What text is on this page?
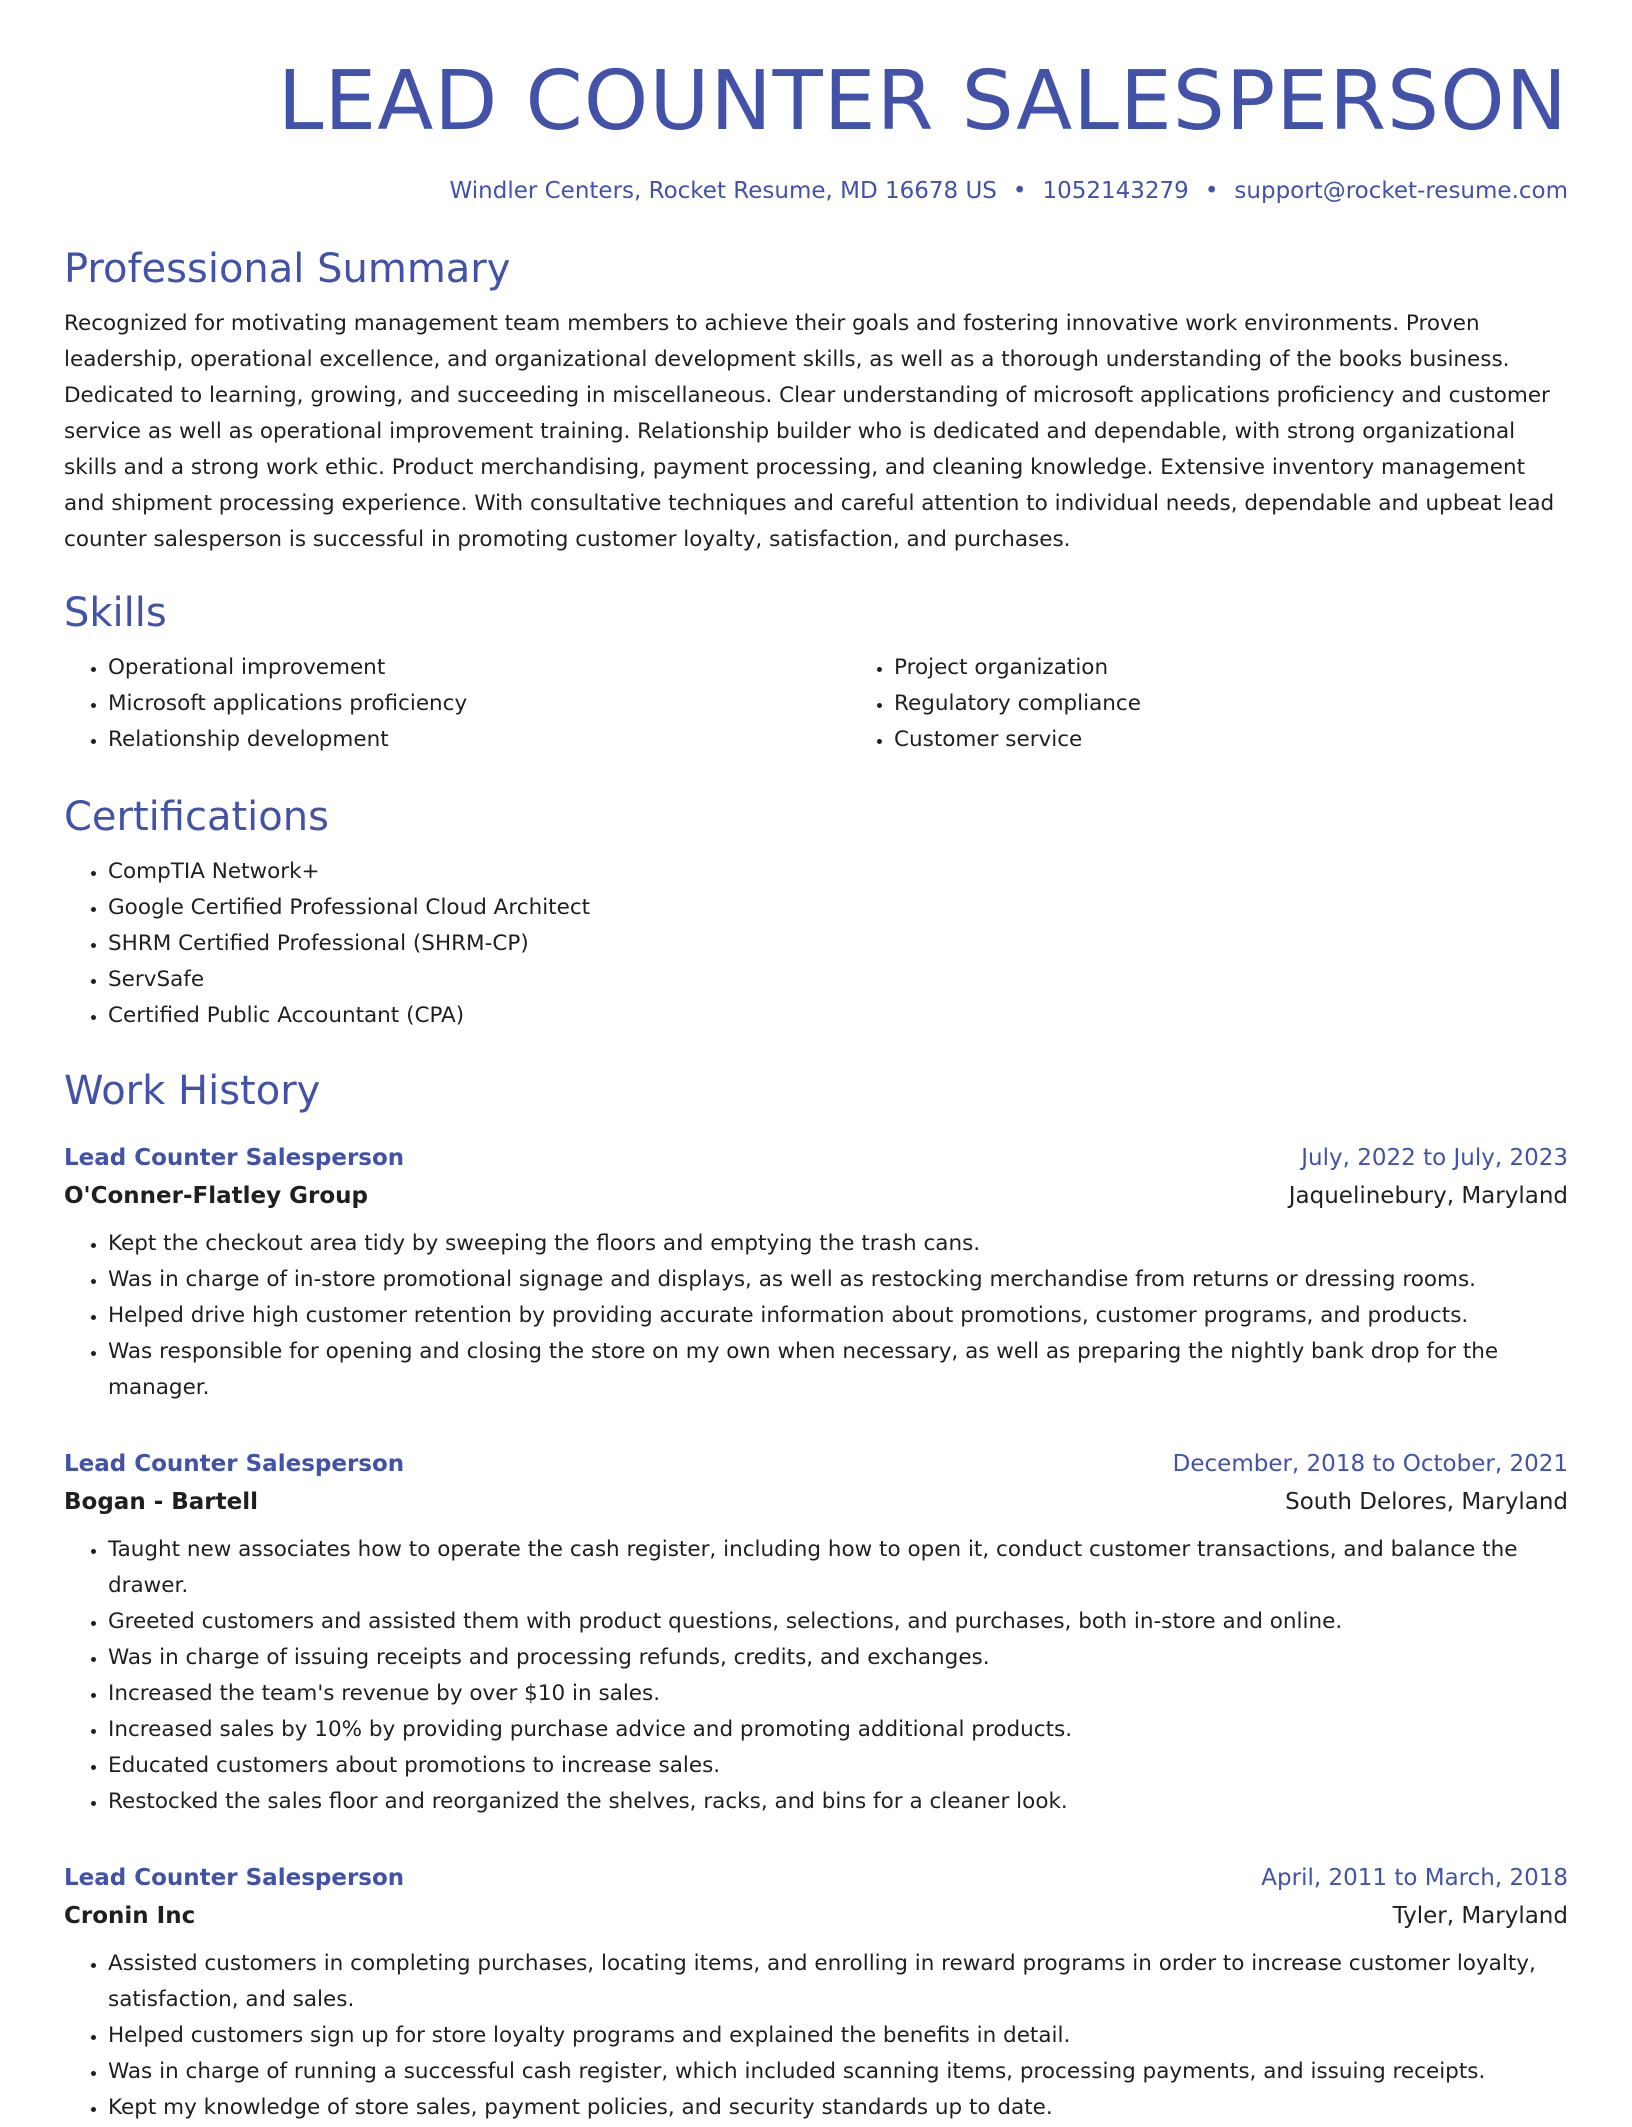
LEAD COUNTER SALESPERSON
Windler Centers, Rocket Resume, MD 16678 US • 1052143279 • support@rocket-resume.com
Professional Summary

Recognized for motivating management team members to achieve their goals and fostering innovative work environments. Proven leadership, operational excellence, and organizational development skills, as well as a thorough understanding of the books business. Dedicated to learning, growing, and succeeding in miscellaneous. Clear understanding of microsoft applications proficiency and customer service as well as operational improvement training. Relationship builder who is dedicated and dependable, with strong organizational skills and a strong work ethic. Product merchandising, payment processing, and cleaning knowledge. Extensive inventory management and shipment processing experience. With consultative techniques and careful attention to individual needs, dependable and upbeat lead counter salesperson is successful in promoting customer loyalty, satisfaction, and purchases.

Skills
• Operational improvement
• Microsoft applications proficiency
• Relationship development
• Project organization
• Regulatory compliance
• Customer service
Certifications
• CompTIA Network+
• Google Certified Professional Cloud Architect
• SHRM Certified Professional (SHRM-CP)
• ServSafe
• Certified Public Accountant (CPA)
Work History
Lead Counter Salesperson	July, 2022 to July, 2023
O'Conner-Flatley Group	Jaquelinebury, Maryland
• Kept the checkout area tidy by sweeping the floors and emptying the trash cans.
• Was in charge of in-store promotional signage and displays, as well as restocking merchandise from returns or dressing rooms.
• Helped drive high customer retention by providing accurate information about promotions, customer programs, and products.
• Was responsible for opening and closing the store on my own when necessary, as well as preparing the nightly bank drop for the manager.
Lead Counter Salesperson	December, 2018 to October, 2021
Bogan - Bartell	South Delores, Maryland
• Taught new associates how to operate the cash register, including how to open it, conduct customer transactions, and balance the drawer.
• Greeted customers and assisted them with product questions, selections, and purchases, both in-store and online.
• Was in charge of issuing receipts and processing refunds, credits, and exchanges.
• Increased the team's revenue by over $10 in sales.
• Increased sales by 10% by providing purchase advice and promoting additional products.
• Educated customers about promotions to increase sales.
• Restocked the sales floor and reorganized the shelves, racks, and bins for a cleaner look.
Lead Counter Salesperson	April, 2011 to March, 2018
Cronin Inc	Tyler, Maryland
• Assisted customers in completing purchases, locating items, and enrolling in reward programs in order to increase customer loyalty, satisfaction, and sales.
• Helped customers sign up for store loyalty programs and explained the benefits in detail.
• Was in charge of running a successful cash register, which included scanning items, processing payments, and issuing receipts.
• Kept my knowledge of store sales, payment policies, and security standards up to date.
